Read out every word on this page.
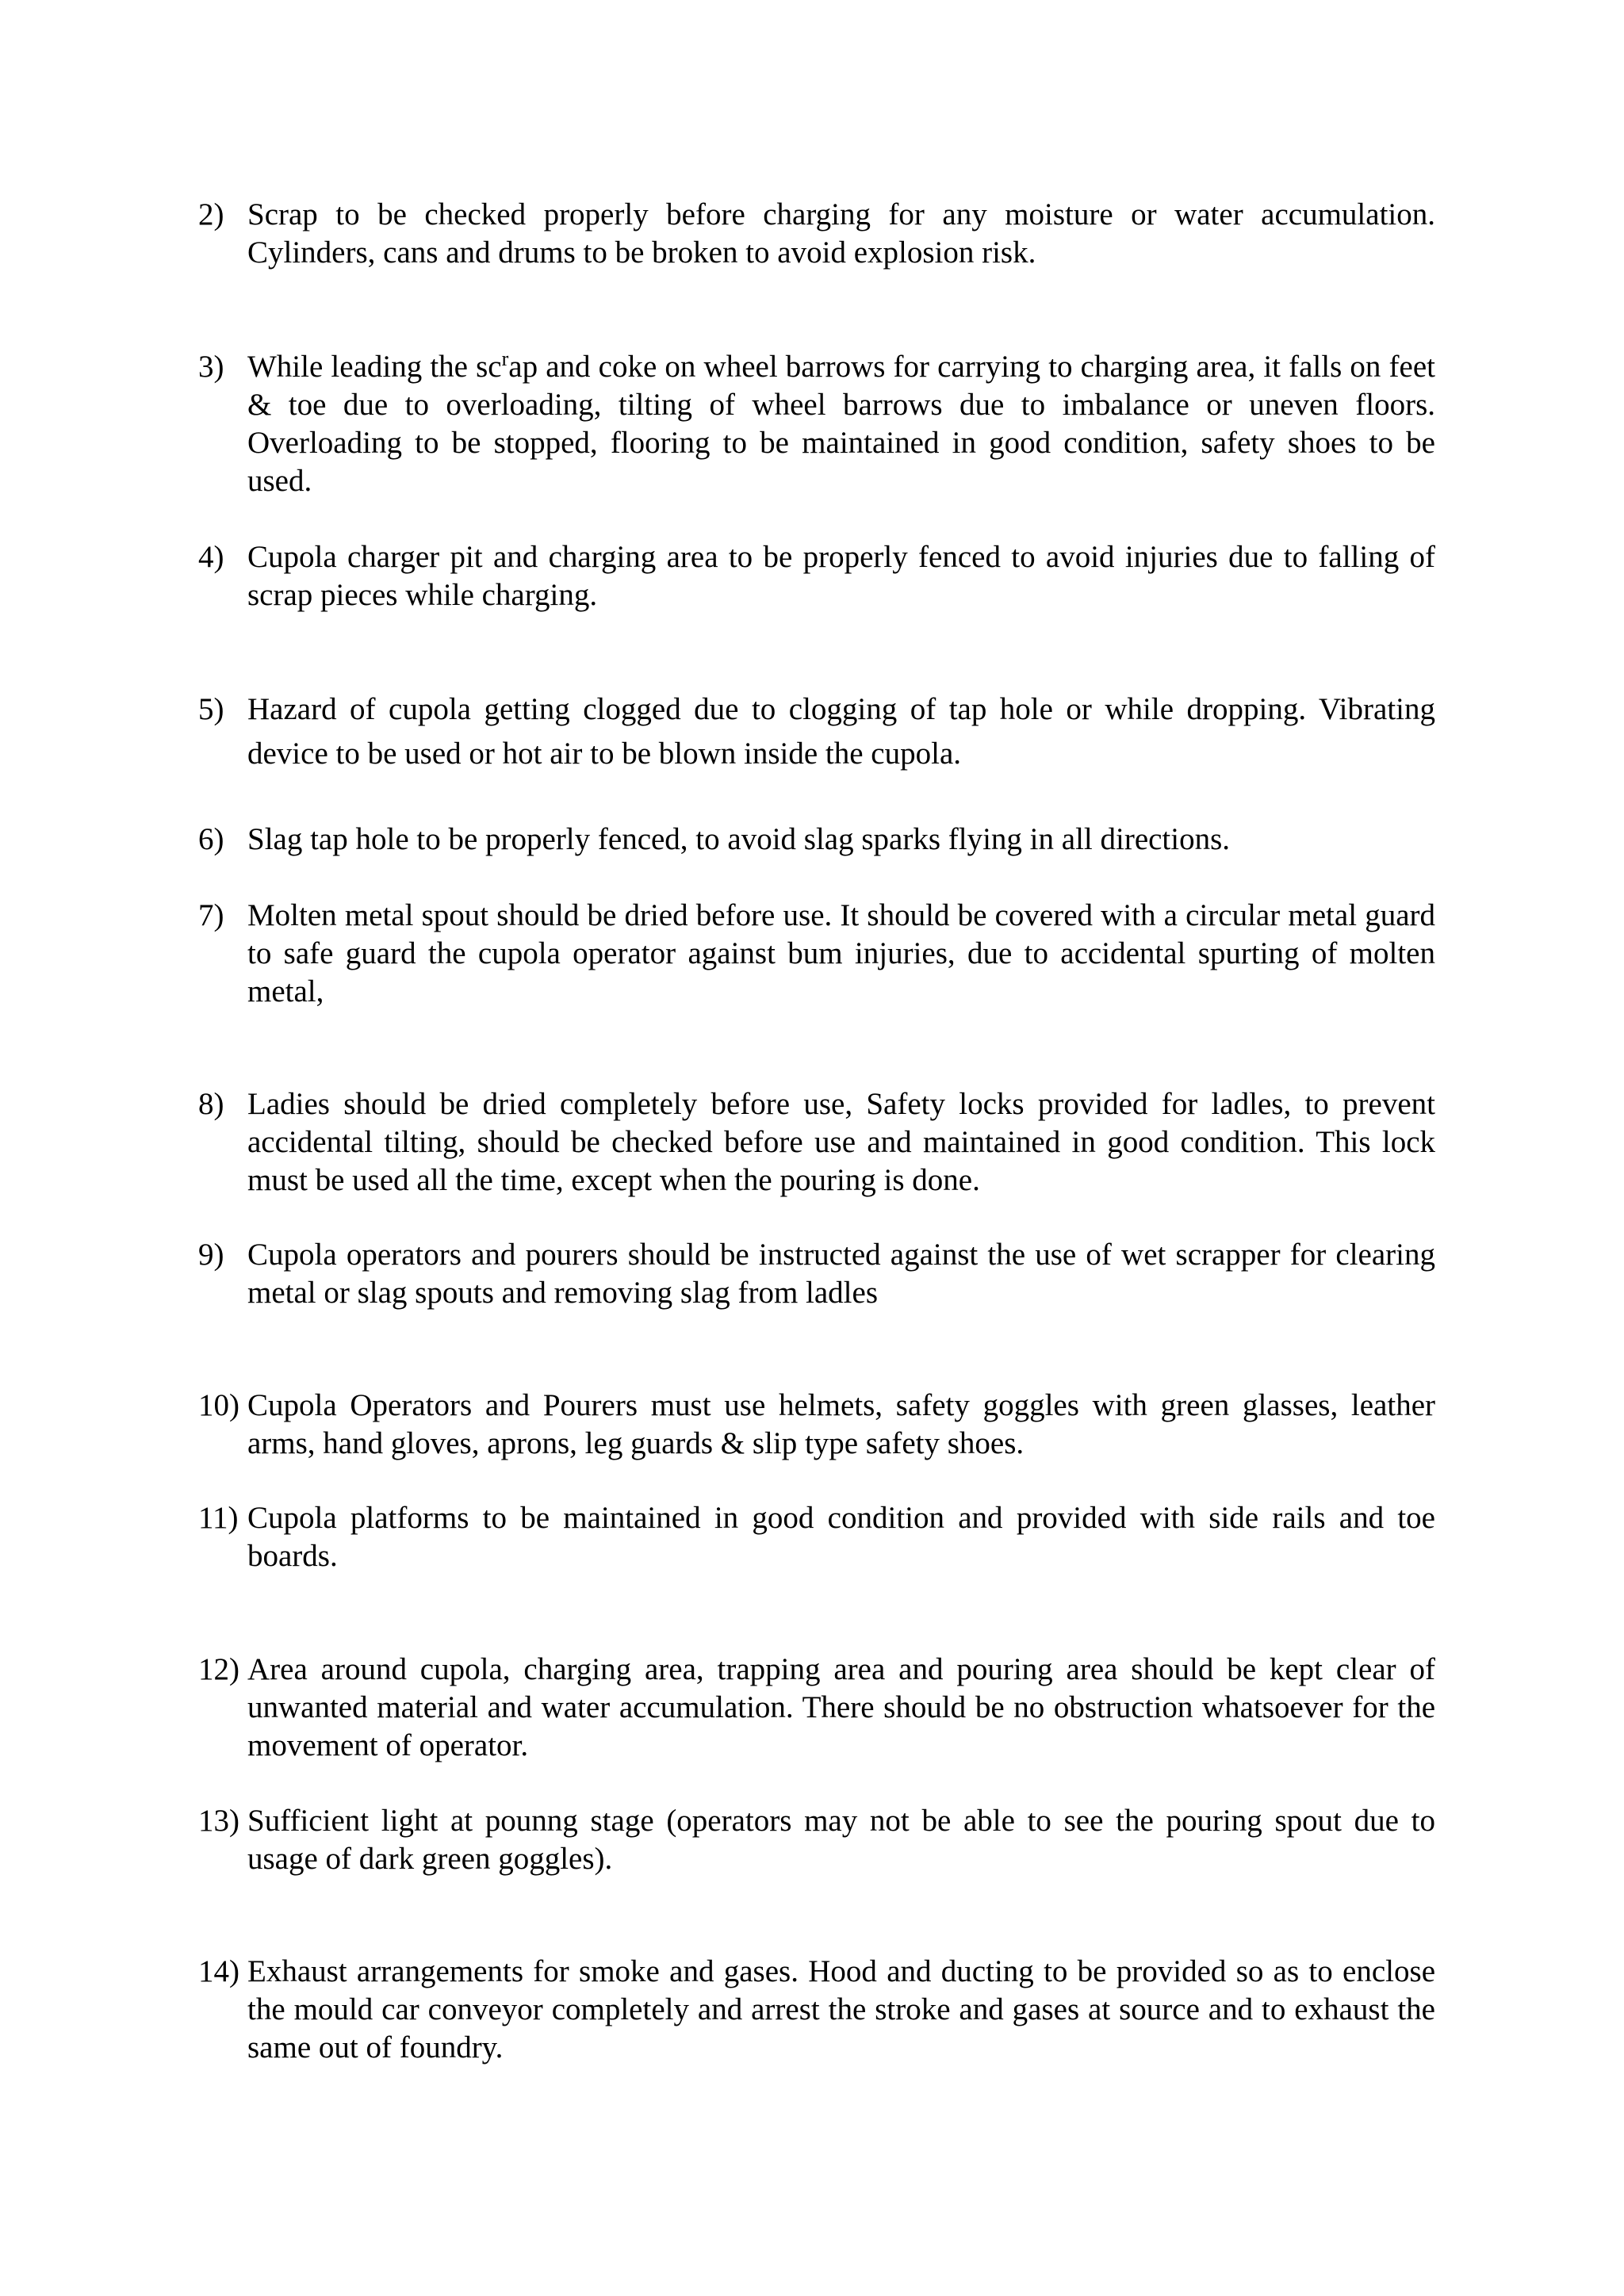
2) Scrap to be checked properly before charging for any moisture or water accumulation. Cylinders, cans and drums to be broken to avoid explosion risk.
3) While leading the $sc^rap$ and coke on wheel barrows for carrying to charging area, it falls on feet & toe due to overloading, tilting of wheel barrows due to imbalance or uneven floors. Overloading to be stopped, flooring to be maintained in good condition, safety shoes to be used.
4) Cupola charger pit and charging area to be properly fenced to avoid injuries due to falling of scrap pieces while charging.
5) Hazard of cupola getting clogged due to clogging of tap hole or while dropping. Vibrating device to be used or hot air to be blown inside the cupola.
6) Slag tap hole to be properly fenced, to avoid slag sparks flying in all directions.
7) Molten metal spout should be dried before use. It should be covered with a circular metal guard to safe guard the cupola operator against bum injuries, due to accidental spurting of molten metal,
8) Ladies should be dried completely before use, Safety locks provided for ladles, to prevent accidental tilting, should be checked before use and maintained in good condition. This lock must be used all the time, except when the pouring is done.
9) Cupola operators and pourers should be instructed against the use of wet scrapper for clearing metal or slag spouts and removing slag from ladles
10) Cupola Operators and Pourers must use helmets, safety goggles with green glasses, leather arms, hand gloves, aprons, leg guards & slip type safety shoes.
11) Cupola platforms to be maintained in good condition and provided with side rails and toe boards.
12) Area around cupola, charging area, trapping area and pouring area should be kept clear of unwanted material and water accumulation. There should be no obstruction whatsoever for the movement of operator.
13) Sufficient light at pounng stage (operators may not be able to see the pouring spout due to usage of dark green goggles).
14) Exhaust arrangements for smoke and gases. Hood and ducting to be provided so as to enclose the mould car conveyor completely and arrest the stroke and gases at source and to exhaust the same out of foundry.
